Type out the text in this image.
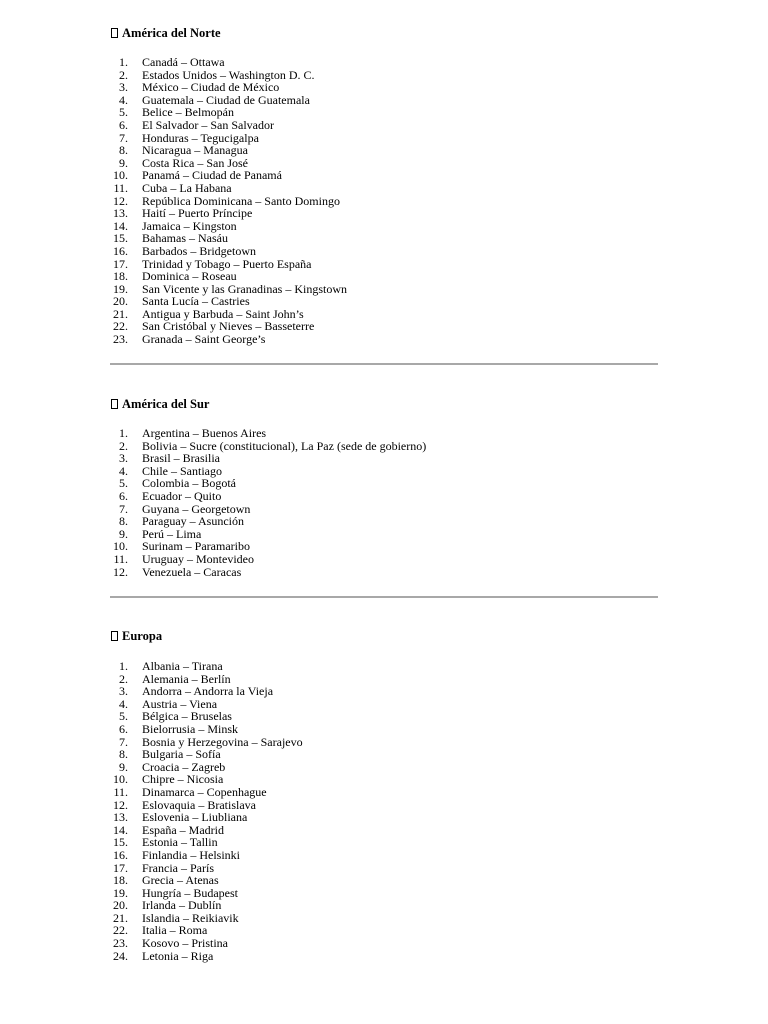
América del Norte
1.	Canadá – Ottawa
2.	Estados Unidos – Washington D. C.
3.	México – Ciudad de México
4.	Guatemala – Ciudad de Guatemala
5.	Belice – Belmopán
6.	El Salvador – San Salvador
7.	Honduras – Tegucigalpa
8.	Nicaragua – Managua
9.	Costa Rica – San José
10.	Panamá – Ciudad de Panamá
11.	Cuba – La Habana
12.	República Dominicana – Santo Domingo
13.	Haití – Puerto Príncipe
14.	Jamaica – Kingston
15.	Bahamas – Nasáu
16.	Barbados – Bridgetown
17.	Trinidad y Tobago – Puerto España
18.	Dominica – Roseau
19.	San Vicente y las Granadinas – Kingstown
20.	Santa Lucía – Castries
21.	Antigua y Barbuda – Saint John’s
22.	San Cristóbal y Nieves – Basseterre
23.	Granada – Saint George’s
América del Sur
1.	Argentina – Buenos Aires
2.	Bolivia – Sucre (constitucional), La Paz (sede de gobierno)
3.	Brasil – Brasilia
4.	Chile – Santiago
5.	Colombia – Bogotá
6.	Ecuador – Quito
7.	Guyana – Georgetown
8.	Paraguay – Asunción
9.	Perú – Lima
10.	Surinam – Paramaribo
11.	Uruguay – Montevideo
12.	Venezuela – Caracas
Europa
1.	Albania – Tirana
2.	Alemania – Berlín
3.	Andorra – Andorra la Vieja
4.	Austria – Viena
5.	Bélgica – Bruselas
6.	Bielorrusia – Minsk
7.	Bosnia y Herzegovina – Sarajevo
8.	Bulgaria – Sofía
9.	Croacia – Zagreb
10.	Chipre – Nicosia
11.	Dinamarca – Copenhague
12.	Eslovaquia – Bratislava
13.	Eslovenia – Liubliana
14.	España – Madrid
15.	Estonia – Tallin
16.	Finlandia – Helsinki
17.	Francia – París
18.	Grecia – Atenas
19.	Hungría – Budapest
20.	Irlanda – Dublín
21.	Islandia – Reikiavik
22.	Italia – Roma
23.	Kosovo – Pristina
24.	Letonia – Riga
